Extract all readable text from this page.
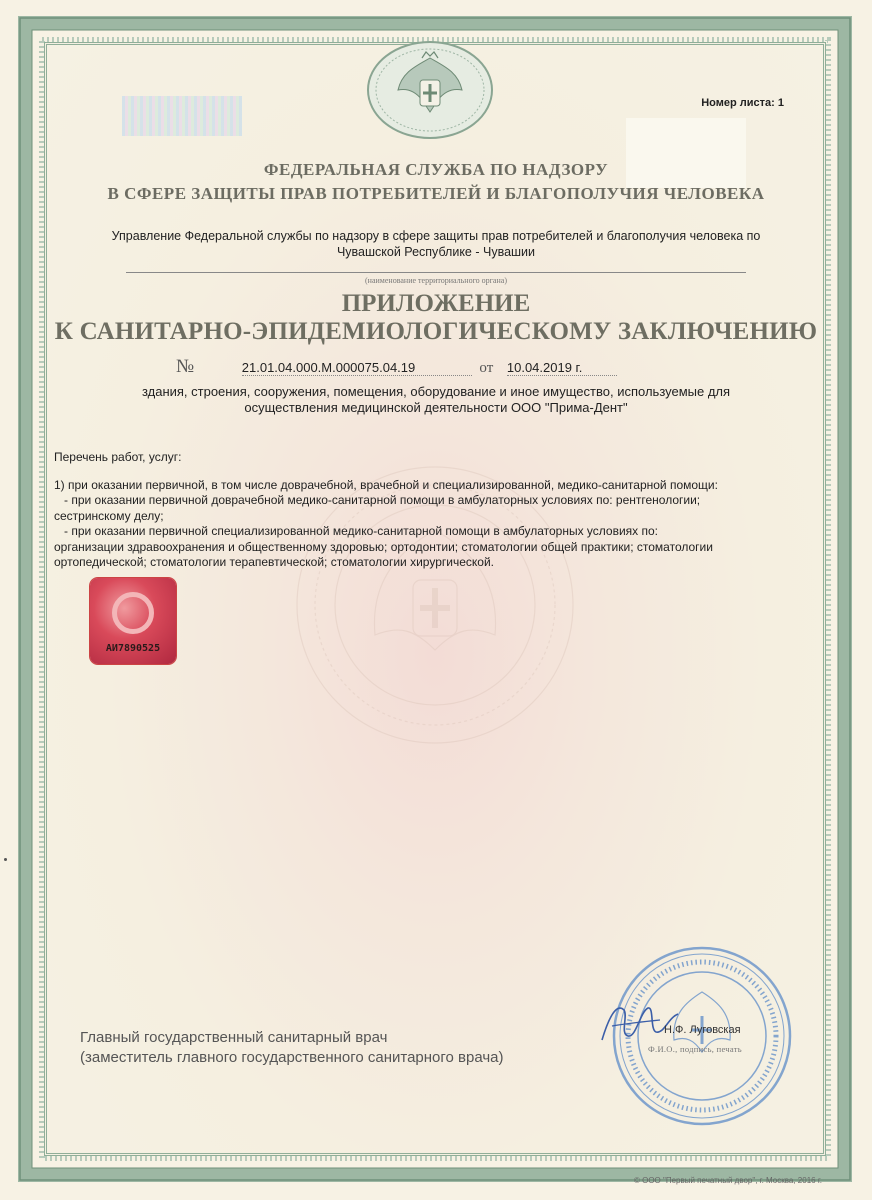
Номер листа: 1
ФЕДЕРАЛЬНАЯ СЛУЖБА ПО НАДЗОРУ
В СФЕРЕ ЗАЩИТЫ ПРАВ ПОТРЕБИТЕЛЕЙ И БЛАГОПОЛУЧИЯ ЧЕЛОВЕКА
Управление Федеральной службы по надзору в сфере защиты прав потребителей и благополучия человека по
Чувашской Республике - Чувашии
(наименование территориального органа)
ПРИЛОЖЕНИЕ
К САНИТАРНО-ЭПИДЕМИОЛОГИЧЕСКОМУ ЗАКЛЮЧЕНИЮ
№	21.01.04.000.М.000075.04.19	от 10.04.2019 г.
здания, строения, сооружения, помещения, оборудование и иное имущество, используемые для
осуществления медицинской деятельности ООО "Прима-Дент"

Перечень работ, услуг:

1) при оказании первичной, в том числе доврачебной, врачебной и специализированной, медико-санитарной помощи:

- при оказании первичной доврачебной медико-санитарной помощи в амбулаторных условиях по: рентгенологии;

сестринскому делу;

- при оказании первичной специализированной медико-санитарной помощи в амбулаторных условиях по:

организации здравоохранения и общественному здоровью; ортодонтии; стоматологии общей практики; стоматологии

ортопедической; стоматологии терапевтической; стоматологии хирургической.

АИ7890525
Главный государственный санитарный врач
(заместитель главного государственного санитарного врача)
Н.Ф. Луговская
Ф.И.О., подпись, печать
© ООО "Первый печатный двор", г. Москва, 2016 г.
